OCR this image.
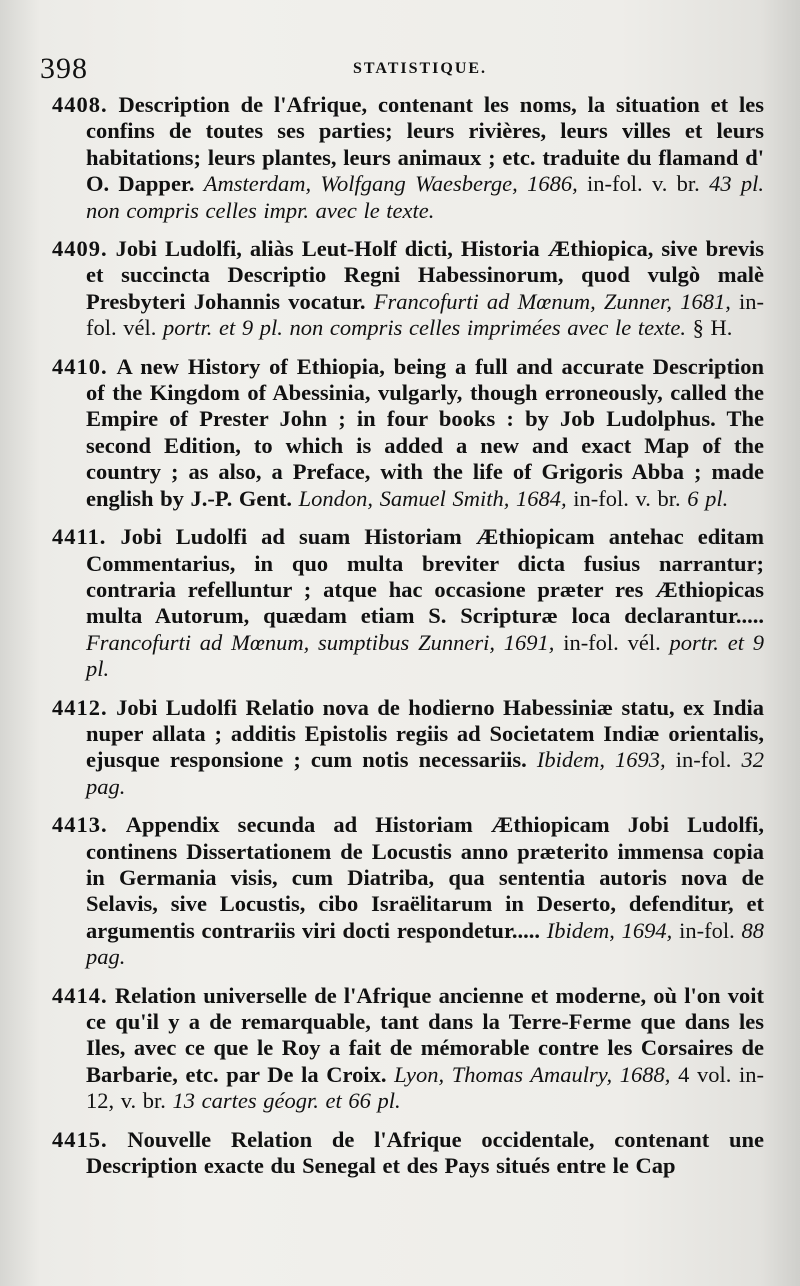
398	STATISTIQUE.

4408. Description de l'Afrique, contenant les noms, la situation et les confins de toutes ses parties; leurs rivières, leurs villes et leurs habitations; leurs plantes, leurs animaux ; etc. traduite du flamand d' O. Dapper. Amsterdam, Wolfgang Waesberge, 1686, in-fol. v. br. 43 pl. non compris celles impr. avec le texte.

4409. Jobi Ludolfi, aliàs Leut-Holf dicti, Historia Æthiopica, sive brevis et succincta Descriptio Regni Habessinorum, quod vulgò malè Presbyteri Johannis vocatur. Francofurti ad Mœnum, Zunner, 1681, in-fol. vél. portr. et 9 pl. non compris celles imprimées avec le texte. § H.

4410. A new History of Ethiopia, being a full and accurate Description of the Kingdom of Abessinia, vulgarly, though erroneously, called the Empire of Prester John ; in four books : by Job Ludolphus. The second Edition, to which is added a new and exact Map of the country ; as also, a Preface, with the life of Grigoris Abba ; made english by J.-P. Gent. London, Samuel Smith, 1684, in-fol. v. br. 6 pl.

4411. Jobi Ludolfi ad suam Historiam Æthiopicam antehac editam Commentarius, in quo multa breviter dicta fusius narrantur; contraria refelluntur ; atque hac occasione præter res Æthiopicas multa Autorum, quædam etiam S. Scripturæ loca declarantur..... Francofurti ad Mœnum, sumptibus Zunneri, 1691, in-fol. vél. portr. et 9 pl.

4412. Jobi Ludolfi Relatio nova de hodierno Habessiniæ statu, ex India nuper allata ; additis Epistolis regiis ad Societatem Indiæ orientalis, ejusque responsione ; cum notis necessariis. Ibidem, 1693, in-fol. 32 pag.

4413. Appendix secunda ad Historiam Æthiopicam Jobi Ludolfi, continens Dissertationem de Locustis anno præterito immensa copia in Germania visis, cum Diatriba, qua sententia autoris nova de Selavis, sive Locustis, cibo Israëlitarum in Deserto, defenditur, et argumentis contrariis viri docti respondetur..... Ibidem, 1694, in-fol. 88 pag.

4414. Relation universelle de l'Afrique ancienne et moderne, où l'on voit ce qu'il y a de remarquable, tant dans la Terre-Ferme que dans les Iles, avec ce que le Roy a fait de mémorable contre les Corsaires de Barbarie, etc. par De la Croix. Lyon, Thomas Amaulry, 1688, 4 vol. in-12, v. br. 13 cartes géogr. et 66 pl.

4415. Nouvelle Relation de l'Afrique occidentale, contenant une Description exacte du Senegal et des Pays situés entre le Cap
